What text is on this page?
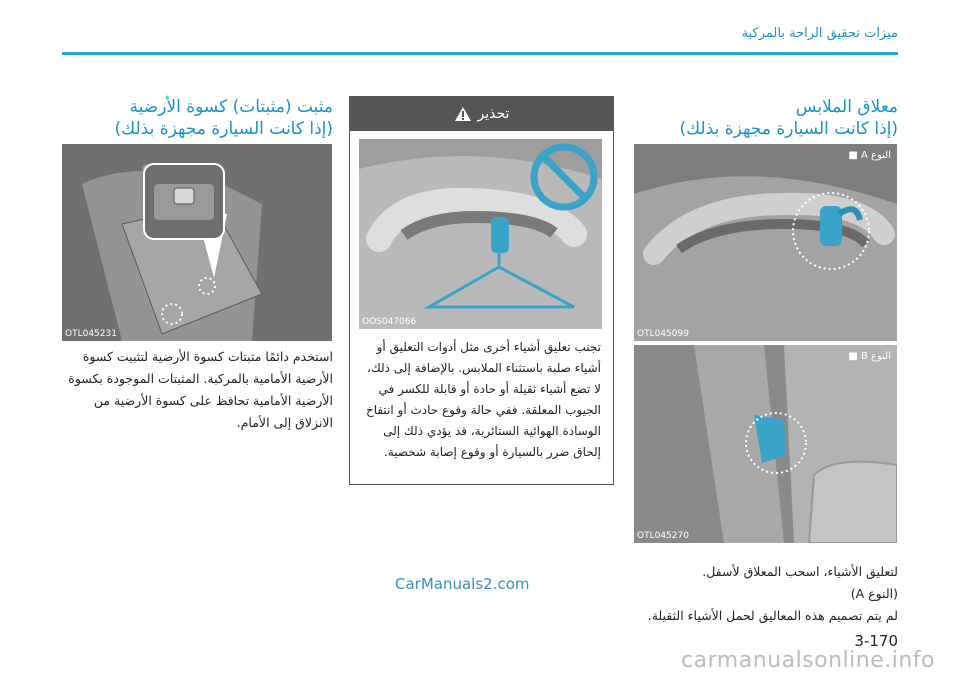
ميزات تحقيق الراحة بالمركبة
معلاق الملابس
(إذا كانت السيارة مجهزة بذلك)
النوع A ■
OTL045099
النوع B ■
OTL045270
لتعليق الأشياء، اسحب المعلاق لأسفل.
(النوع A)
لم يتم تصميم هذه المعاليق لحمل الأشياء الثقيلة.
تحذير
OOS047066
تجنب تعليق أشياء أخرى مثل أدوات التعليق أو أشياء صلبة باستثناء الملابس. بالإضافة إلى ذلك، لا تضع أشياء ثقيلة أو حادة أو قابلة للكسر في الجيوب المعلقة. ففي حالة وقوع حادث أو انتفاخ الوسادة الهوائية الستائرية، قد يؤدي ذلك إلى إلحاق ضرر بالسيارة أو وقوع إصابة شخصية.
مثبت (مثبتات) كسوة الأرضية
(إذا كانت السيارة مجهزة بذلك)
OTL045231
استخدم دائمًا مثبتات كسوة الأرضية لتثبيت كسوة الأرضية الأمامية بالمركبة. المثبتات الموجودة بكسوة الأرضية الأمامية تحافظ على كسوة الأرضية من الانزلاق إلى الأمام.
CarManuals2.com
3-170
carmanualsonline.info
